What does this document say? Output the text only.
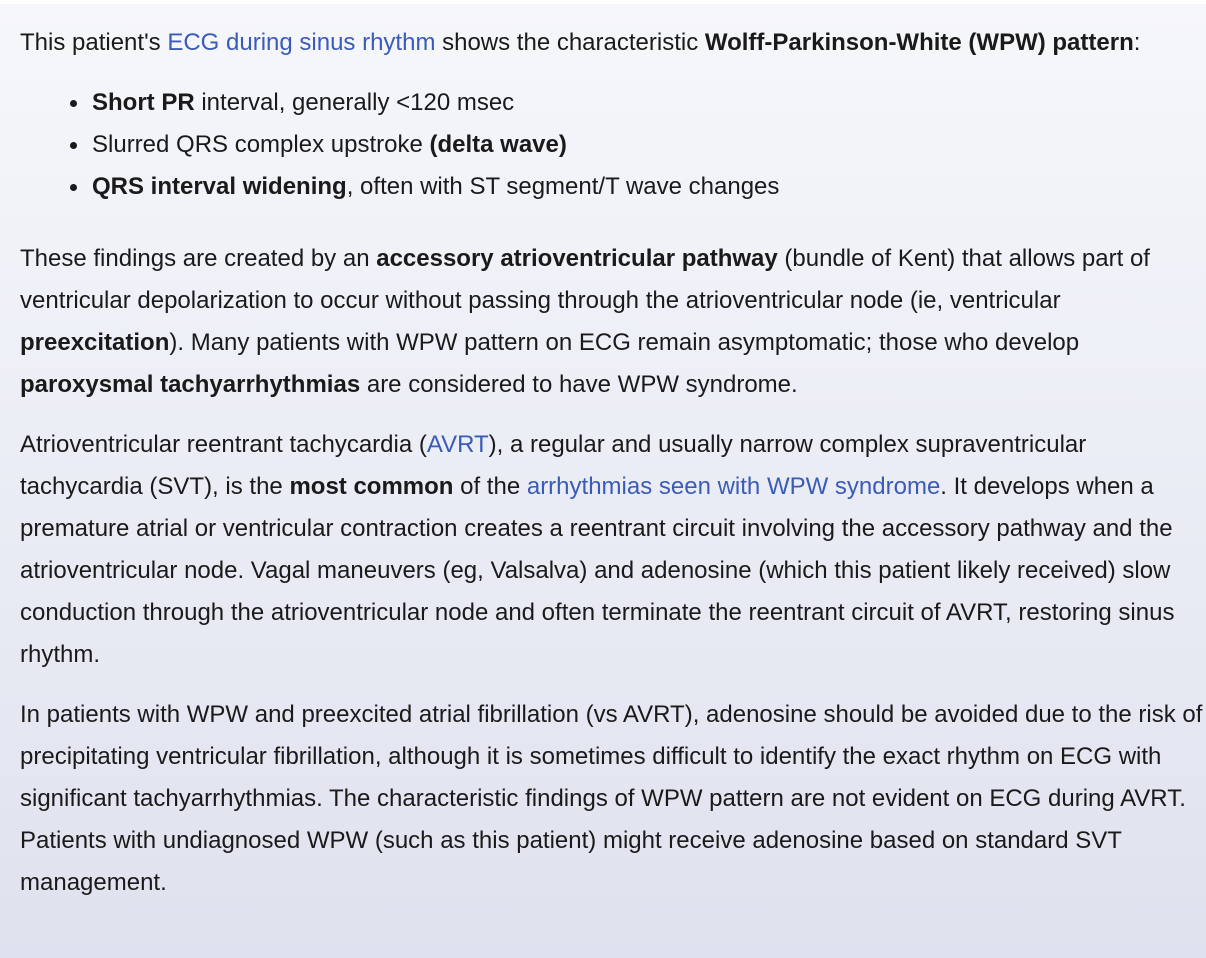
This patient's ECG during sinus rhythm shows the characteristic Wolff-Parkinson-White (WPW) pattern:

Short PR interval, generally <120 msec
Slurred QRS complex upstroke (delta wave)
QRS interval widening, often with ST segment/T wave changes

These findings are created by an accessory atrioventricular pathway (bundle of Kent) that allows part of ventricular depolarization to occur without passing through the atrioventricular node (ie, ventricular preexcitation). Many patients with WPW pattern on ECG remain asymptomatic; those who develop paroxysmal tachyarrhythmias are considered to have WPW syndrome.

Atrioventricular reentrant tachycardia (AVRT), a regular and usually narrow complex supraventricular tachycardia (SVT), is the most common of the arrhythmias seen with WPW syndrome. It develops when a premature atrial or ventricular contraction creates a reentrant circuit involving the accessory pathway and the atrioventricular node. Vagal maneuvers (eg, Valsalva) and adenosine (which this patient likely received) slow conduction through the atrioventricular node and often terminate the reentrant circuit of AVRT, restoring sinus rhythm.

In patients with WPW and preexcited atrial fibrillation (vs AVRT), adenosine should be avoided due to the risk of precipitating ventricular fibrillation, although it is sometimes difficult to identify the exact rhythm on ECG with significant tachyarrhythmias. The characteristic findings of WPW pattern are not evident on ECG during AVRT. Patients with undiagnosed WPW (such as this patient) might receive adenosine based on standard SVT management.
